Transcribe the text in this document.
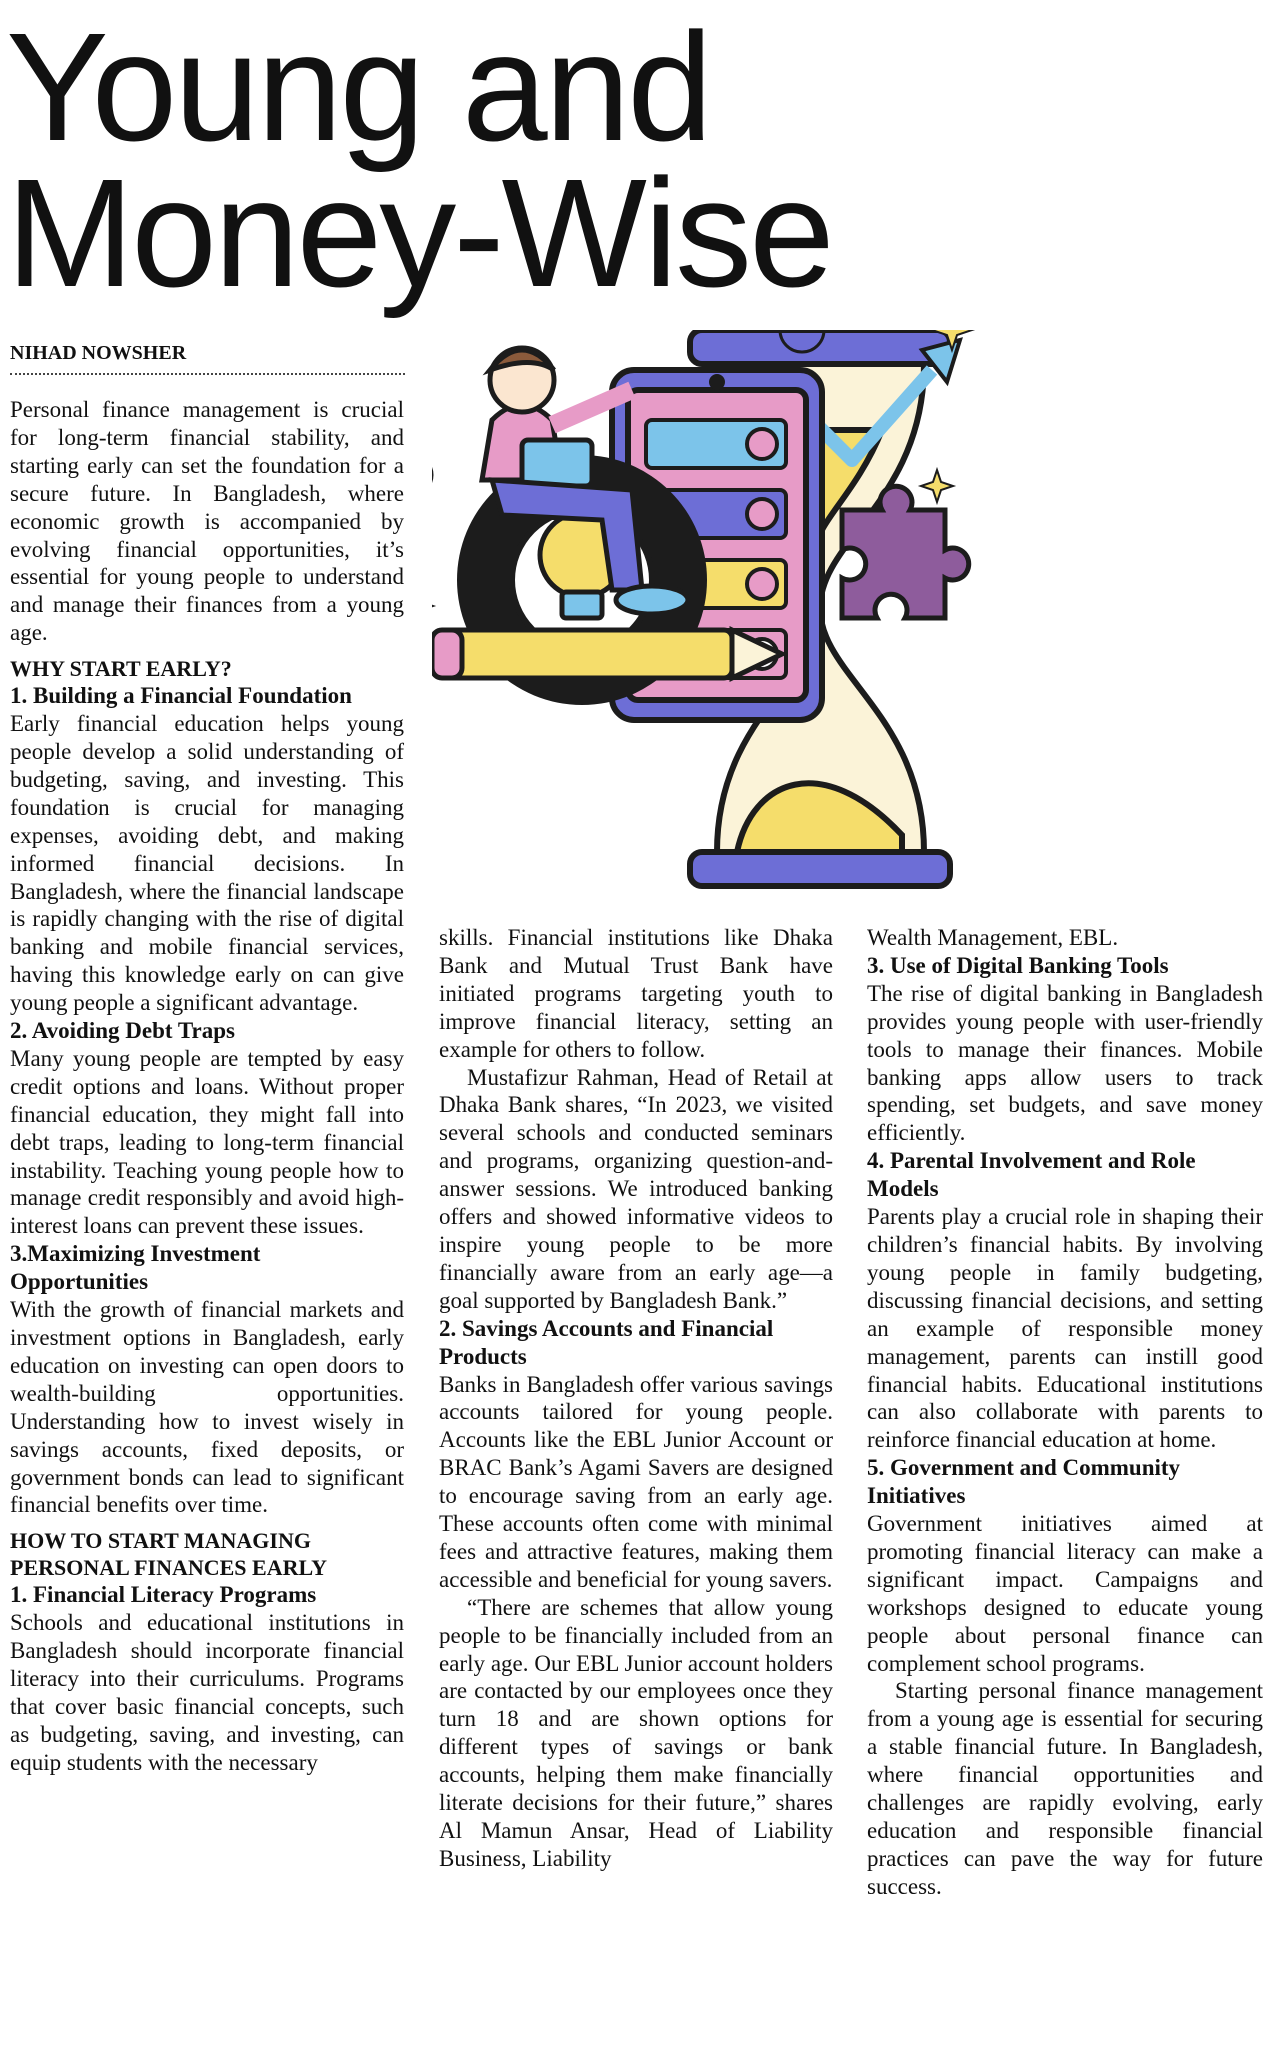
Young and Money-Wise
NIHAD NOWSHER

Personal finance management is crucial for long-term financial stability, and starting early can set the foundation for a secure future. In Bangladesh, where economic growth is accompanied by evolving financial opportunities, it’s essential for young people to understand and manage their finances from a young age.

WHY START EARLY?
1. Building a Financial Foundation

Early financial education helps young people develop a solid understanding of budgeting, saving, and investing. This foundation is crucial for managing expenses, avoiding debt, and making informed financial decisions. In Bangladesh, where the financial landscape is rapidly changing with the rise of digital banking and mobile financial services, having this knowledge early on can give young people a significant advantage.

2. Avoiding Debt Traps

Many young people are tempted by easy credit options and loans. Without proper financial education, they might fall into debt traps, leading to long-term financial instability. Teaching young people how to manage credit responsibly and avoid high-interest loans can prevent these issues.

3.Maximizing Investment Opportunities

With the growth of financial markets and investment options in Bangladesh, early education on investing can open doors to wealth-building opportunities. Understanding how to invest wisely in savings accounts, fixed deposits, or government bonds can lead to significant financial benefits over time.

HOW TO START MANAGING PERSONAL FINANCES EARLY
1. Financial Literacy Programs

Schools and educational institutions in Bangladesh should incorporate financial literacy into their curriculums. Programs that cover basic financial concepts, such as budgeting, saving, and investing, can equip students with the necessary

skills. Financial institutions like Dhaka Bank and Mutual Trust Bank have initiated programs targeting youth to improve financial literacy, setting an example for others to follow.

Mustafizur Rahman, Head of Retail at Dhaka Bank shares, “In 2023, we visited several schools and conducted seminars and programs, organizing question-and-answer sessions. We introduced banking offers and showed informative videos to inspire young people to be more financially aware from an early age—a goal supported by Bangladesh Bank.”

2. Savings Accounts and Financial Products

Banks in Bangladesh offer various savings accounts tailored for young people. Accounts like the EBL Junior Account or BRAC Bank’s Agami Savers are designed to encourage saving from an early age. These accounts often come with minimal fees and attractive features, making them accessible and beneficial for young savers.

“There are schemes that allow young people to be financially included from an early age. Our EBL Junior account holders are contacted by our employees once they turn 18 and are shown options for different types of savings or bank accounts, helping them make financially literate decisions for their future,” shares Al Mamun Ansar, Head of Liability Business, Liability

Wealth Management, EBL.

3. Use of Digital Banking Tools

The rise of digital banking in Bangladesh provides young people with user-friendly tools to manage their finances. Mobile banking apps allow users to track spending, set budgets, and save money efficiently.

4. Parental Involvement and Role Models

Parents play a crucial role in shaping their children’s financial habits. By involving young people in family budgeting, discussing financial decisions, and setting an example of responsible money management, parents can instill good financial habits. Educational institutions can also collaborate with parents to reinforce financial education at home.

5. Government and Community Initiatives

Government initiatives aimed at promoting financial literacy can make a significant impact. Campaigns and workshops designed to educate young people about personal finance can complement school programs.

Starting personal finance management from a young age is essential for securing a stable financial future. In Bangladesh, where financial opportunities and challenges are rapidly evolving, early education and responsible financial practices can pave the way for future success.
